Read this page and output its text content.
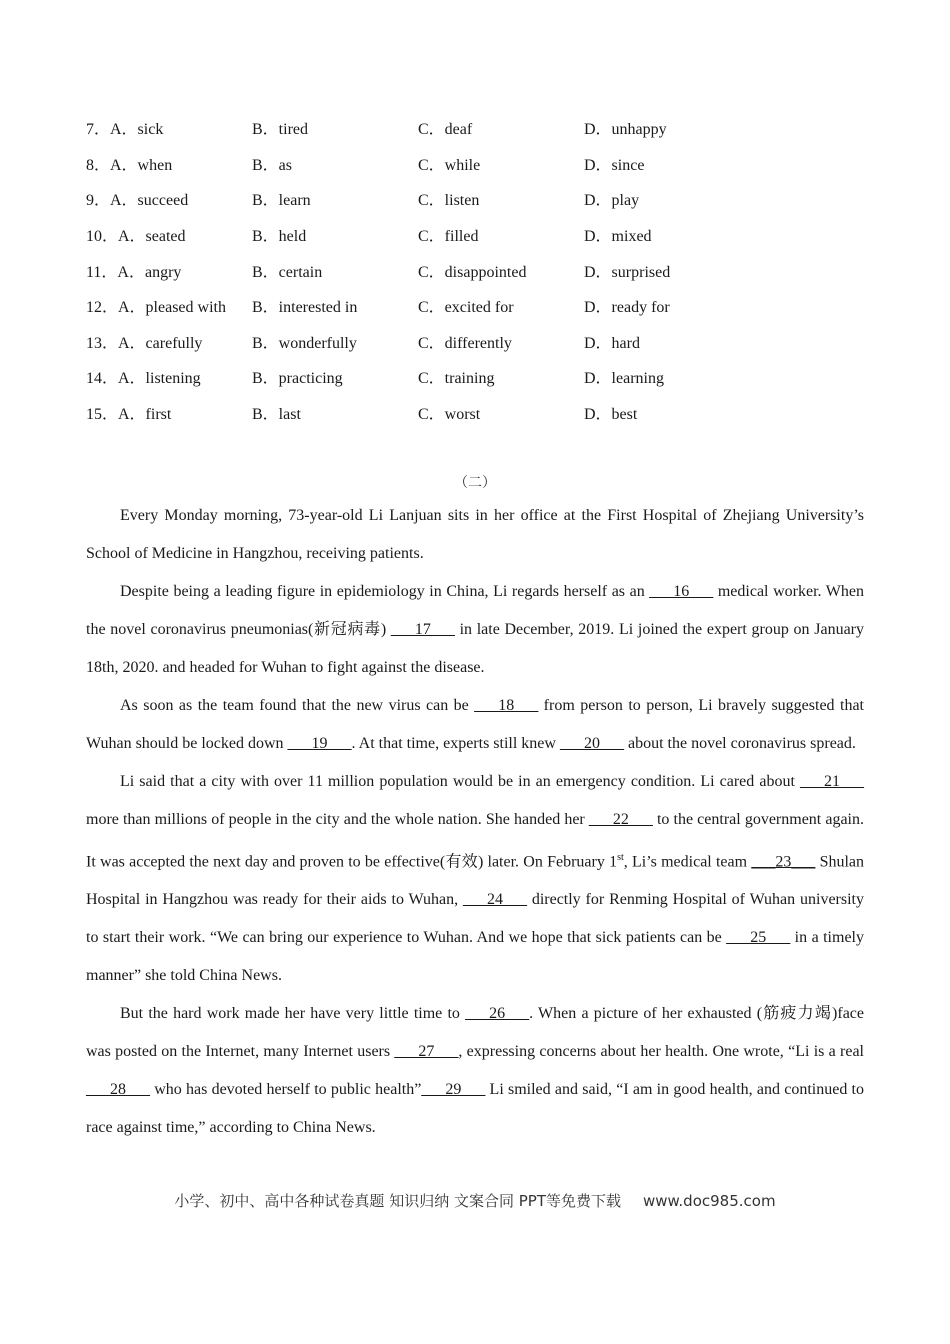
7．A．sick	B．tired	C．deaf	D．unhappy
8．A．when	B．as	C．while	D．since
9．A．succeed	B．learn	C．listen	D．play
10．A．seated	B．held	C．filled	D．mixed
11．A．angry	B．certain	C．disappointed	D．surprised
12．A．pleased with	B．interested in	C．excited for	D．ready for
13．A．carefully	B．wonderfully	C．differently	D．hard
14．A．listening	B．practicing	C．training	D．learning
15．A．first	B．last	C．worst	D．best
（二）

Every Monday morning, 73-year-old Li Lanjuan sits in her office at the First Hospital of Zhejiang University’s School of Medicine in Hangzhou, receiving patients.

Despite being a leading figure in epidemiology in China, Li regards herself as an ___16___ medical worker. When the novel coronavirus pneumonias(新冠病毒) ___17___ in late December, 2019. Li joined the expert group on January 18th, 2020. and headed for Wuhan to fight against the disease.

As soon as the team found that the new virus can be ___18___ from person to person, Li bravely suggested that Wuhan should be locked down ___19___. At that time, experts still knew ___20___ about the novel coronavirus spread.

Li said that a city with over 11 million population would be in an emergency condition. Li cared about ___21___ more than millions of people in the city and the whole nation. She handed her ___22___ to the central government again. It was accepted the next day and proven to be effective(有效) later. On February 1st, Li’s medical team ___23___ Shulan Hospital in Hangzhou was ready for their aids to Wuhan, ___24___ directly for Renming Hospital of Wuhan university to start their work. “We can bring our experience to Wuhan. And we hope that sick patients can be ___25___ in a timely manner” she told China News.

But the hard work made her have very little time to ___26___. When a picture of her exhausted (筋疲力竭)face was posted on the Internet, many Internet users ___27___, expressing concerns about her health. One wrote, “Li is a real ___28___ who has devoted herself to public health”___29___ Li smiled and said, “I am in good health, and continued to race against time,” according to China News.

小学、初中、高中各种试卷真题 知识归纳 文案合同 PPT等免费下载 www.doc985.com
